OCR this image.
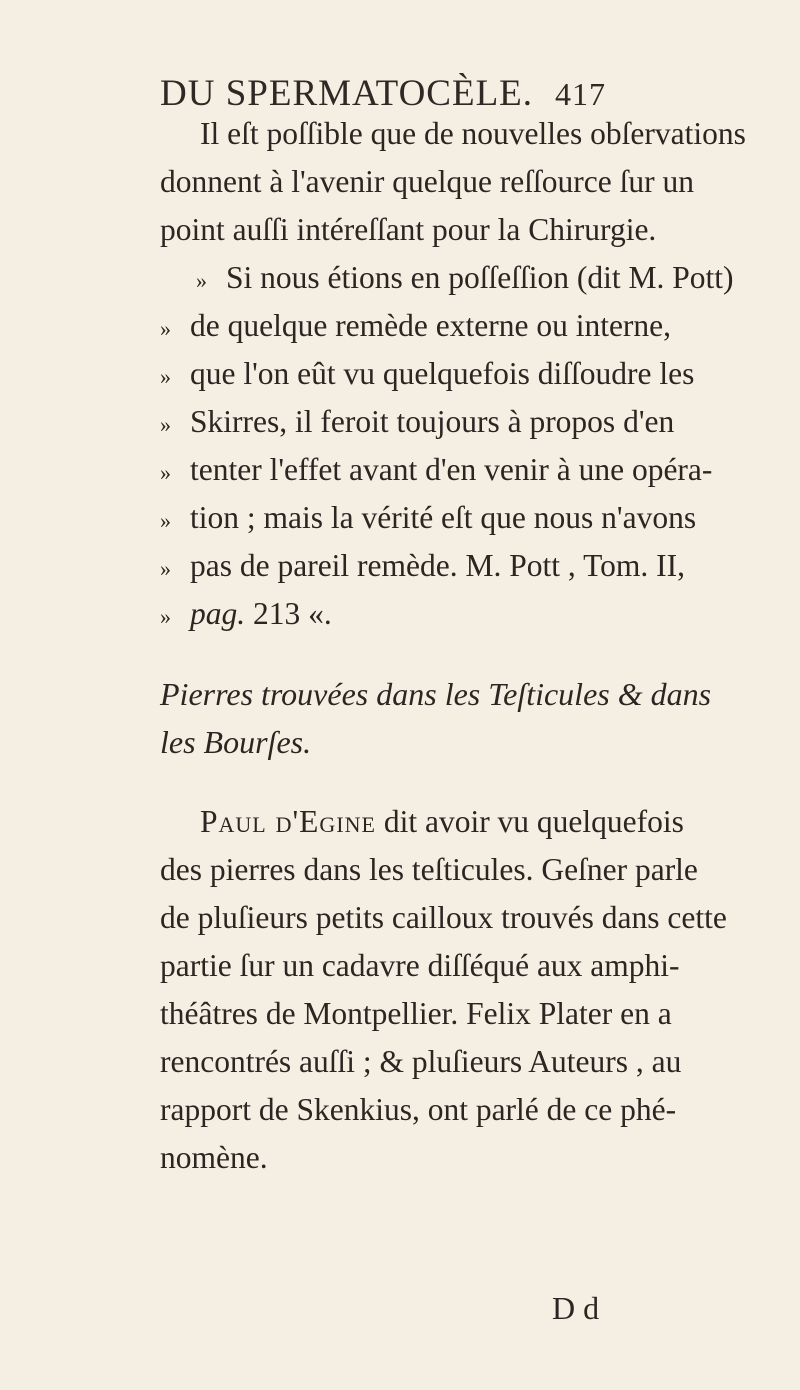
DU SPERMATOCÈLE. 417
Il eſt poſſible que de nouvelles obſervations
donnent à l'avenir quelque reſſource ſur un
point auſſi intéreſſant pour la Chirurgie.
» Si nous étions en poſſeſſion (dit M. Pott)
» de quelque remède externe ou interne,
» que l'on eût vu quelquefois diſſoudre les
» Skirres, il feroit toujours à propos d'en
» tenter l'effet avant d'en venir à une opéra-
» tion ; mais la vérité eſt que nous n'avons
» pas de pareil remède. M. Pott , Tom. II,
» pag. 213 «.
Pierres trouvées dans les Teſticules & dans
les Bourſes.
Paul d'Egine dit avoir vu quelquefois
des pierres dans les teſticules. Geſner parle
de pluſieurs petits cailloux trouvés dans cette
partie ſur un cadavre diſſéqué aux amphi-
théâtres de Montpellier. Felix Plater en a
rencontrés auſſi ; & pluſieurs Auteurs , au
rapport de Skenkius, ont parlé de ce phé-
nomène.
D d
